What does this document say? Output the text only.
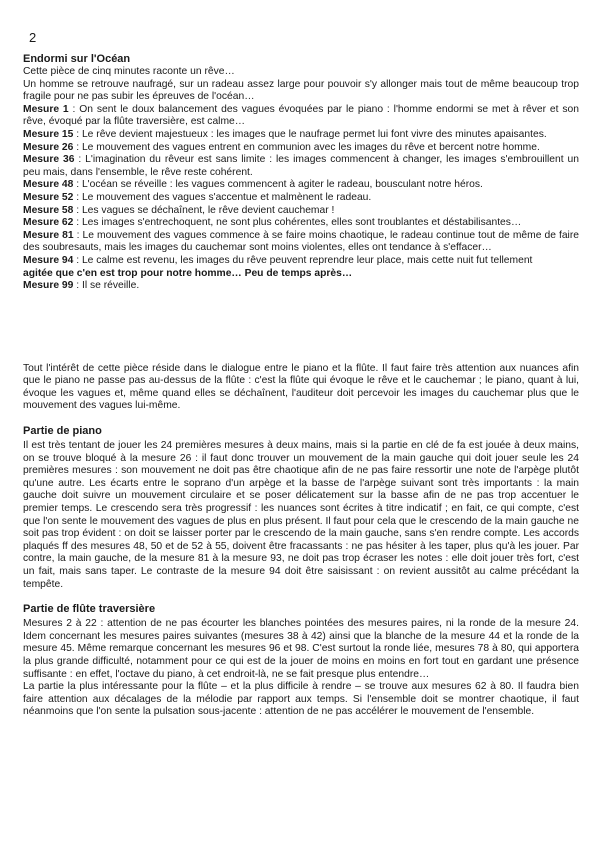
2
Endormi sur l'Océan

Cette pièce de cinq minutes raconte un rêve…

Un homme se retrouve naufragé, sur un radeau assez large pour pouvoir s'y allonger mais tout de même beaucoup trop fragile pour ne pas subir les épreuves de l'océan…

Mesure 1 : On sent le doux balancement des vagues évoquées par le piano : l'homme endormi se met à rêver et son rêve, évoqué par la flûte traversière, est calme…

Mesure 15 : Le rêve devient majestueux : les images que le naufrage permet lui font vivre des minutes apaisantes.

Mesure 26 : Le mouvement des vagues entrent en communion avec les images du rêve et bercent notre homme.

Mesure 36 : L'imagination du rêveur est sans limite : les images commencent à changer, les images s'embrouillent un peu mais, dans l'ensemble, le rêve reste cohérent.

Mesure 48 : L'océan se réveille : les vagues commencent à agiter le radeau, bousculant notre héros.

Mesure 52 : Le mouvement des vagues s'accentue et malmènent le radeau.

Mesure 58 : Les vagues se déchaînent, le rêve devient cauchemar !

Mesure 62 : Les images s'entrechoquent, ne sont plus cohérentes, elles sont troublantes et déstabilisantes…

Mesure 81 : Le mouvement des vagues commence à se faire moins chaotique, le radeau continue tout de même de faire des soubresauts, mais les images du cauchemar sont moins violentes, elles ont tendance à s'effacer…

Mesure 94 : Le calme est revenu, les images du rêve peuvent reprendre leur place, mais cette nuit fut tellement

agitée que c'en est trop pour notre homme… Peu de temps après…

Mesure 99 : Il se réveille.

Tout l'intérêt de cette pièce réside dans le dialogue entre le piano et la flûte. Il faut faire très attention aux nuances afin que le piano ne passe pas au-dessus de la flûte : c'est la flûte qui évoque le rêve et le cauchemar ; le piano, quant à lui, évoque les vagues et, même quand elles se déchaînent, l'auditeur doit percevoir les images du cauchemar plus que le mouvement des vagues lui-même.

Partie de piano

Il est très tentant de jouer les 24 premières mesures à deux mains, mais si la partie en clé de fa est jouée à deux mains, on se trouve bloqué à la mesure 26 : il faut donc trouver un mouvement de la main gauche qui doit jouer seule les 24 premières mesures : son mouvement ne doit pas être chaotique afin de ne pas faire ressortir une note de l'arpège plutôt qu'une autre. Les écarts entre le soprano d'un arpège et la basse de l'arpège suivant sont très importants : la main gauche doit suivre un mouvement circulaire et se poser délicatement sur la basse afin de ne pas trop accentuer le premier temps. Le crescendo sera très progressif : les nuances sont écrites à titre indicatif ; en fait, ce qui compte, c'est que l'on sente le mouvement des vagues de plus en plus présent. Il faut pour cela que le crescendo de la main gauche ne soit pas trop évident : on doit se laisser porter par le crescendo de la main gauche, sans s'en rendre compte. Les accords plaqués ff des mesures 48, 50 et de 52 à 55, doivent être fracassants : ne pas hésiter à les taper, plus qu'à les jouer. Par contre, la main gauche, de la mesure 81 à la mesure 93, ne doit pas trop écraser les notes : elle doit jouer très fort, c'est un fait, mais sans taper. Le contraste de la mesure 94 doit être saisissant : on revient aussitôt au calme précédant la tempête.

Partie de flûte traversière

Mesures 2 à 22 : attention de ne pas écourter les blanches pointées des mesures paires, ni la ronde de la mesure 24. Idem concernant les mesures paires suivantes (mesures 38 à 42) ainsi que la blanche de la mesure 44 et la ronde de la mesure 45. Même remarque concernant les mesures 96 et 98. C'est surtout la ronde liée, mesures 78 à 80, qui apportera la plus grande difficulté, notamment pour ce qui est de la jouer de moins en moins en fort tout en gardant une présence suffisante : en effet, l'octave du piano, à cet endroit-là, ne se fait presque plus entendre…

La partie la plus intéressante pour la flûte – et la plus difficile à rendre – se trouve aux mesures 62 à 80. Il faudra bien faire attention aux décalages de la mélodie par rapport aux temps. Si l'ensemble doit se montrer chaotique, il faut néanmoins que l'on sente la pulsation sous-jacente : attention de ne pas accélérer le mouvement de l'ensemble.
